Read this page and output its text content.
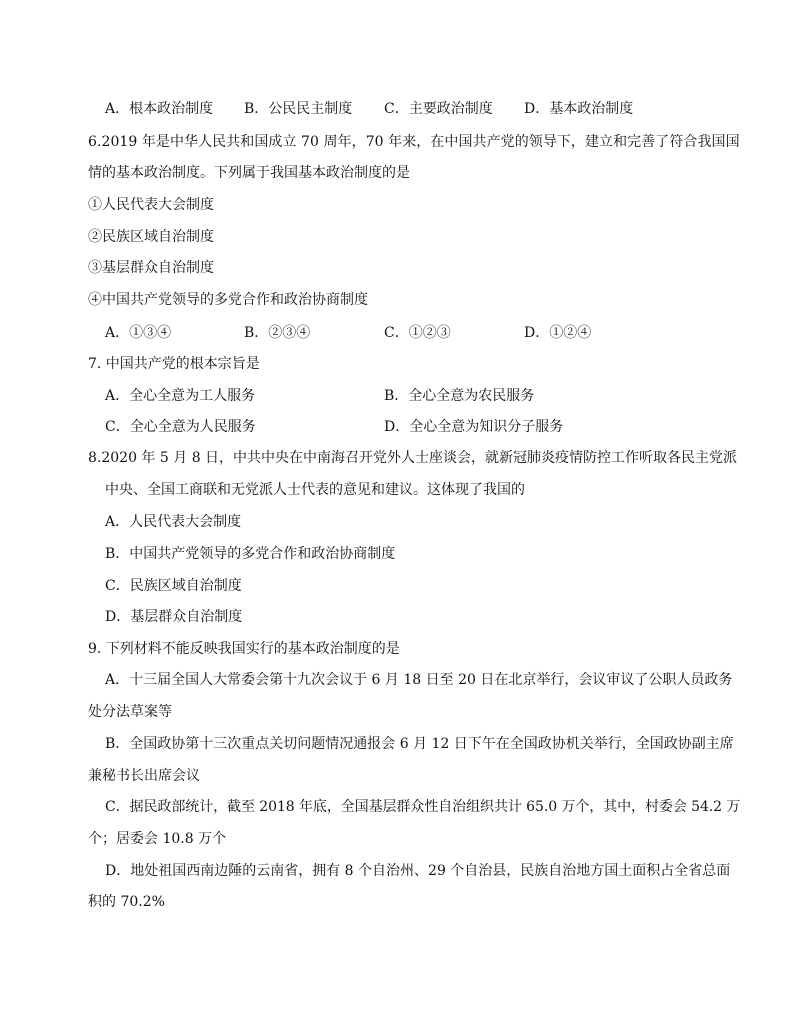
A．根本政治制度 B．公民民主制度 C．主要政治制度 D．基本政治制度
6.2019 年是中华人民共和国成立 70 周年，70 年来，在中国共产党的领导下，建立和完善了符合我国国
情的基本政治制度。下列属于我国基本政治制度的是
①人民代表大会制度
②民族区域自治制度
③基层群众自治制度
④中国共产党领导的多党合作和政治协商制度
A．①③④	B．②③④	C．①②③	D．①②④
7. 中国共产党的根本宗旨是
A．全心全意为工人服务	B．全心全意为农民服务
C．全心全意为人民服务	D．全心全意为知识分子服务
8.2020 年 5 月 8 日，中共中央在中南海召开党外人士座谈会，就新冠肺炎疫情防控工作听取各民主党派
中央、全国工商联和无党派人士代表的意见和建议。这体现了我国的
A．人民代表大会制度
B．中国共产党领导的多党合作和政治协商制度
C．民族区域自治制度
D．基层群众自治制度
9. 下列材料不能反映我国实行的基本政治制度的是
A．十三届全国人大常委会第十九次会议于 6 月 18 日至 20 日在北京举行，会议审议了公职人员政务
处分法草案等
B．全国政协第十三次重点关切问题情况通报会 6 月 12 日下午在全国政协机关举行，全国政协副主席
兼秘书长出席会议
C．据民政部统计，截至 2018 年底，全国基层群众性自治组织共计 65.0 万个，其中，村委会 54.2 万
个；居委会 10.8 万个
D．地处祖国西南边陲的云南省，拥有 8 个自治州、29 个自治县，民族自治地方国土面积占全省总面
积的 70.2%
